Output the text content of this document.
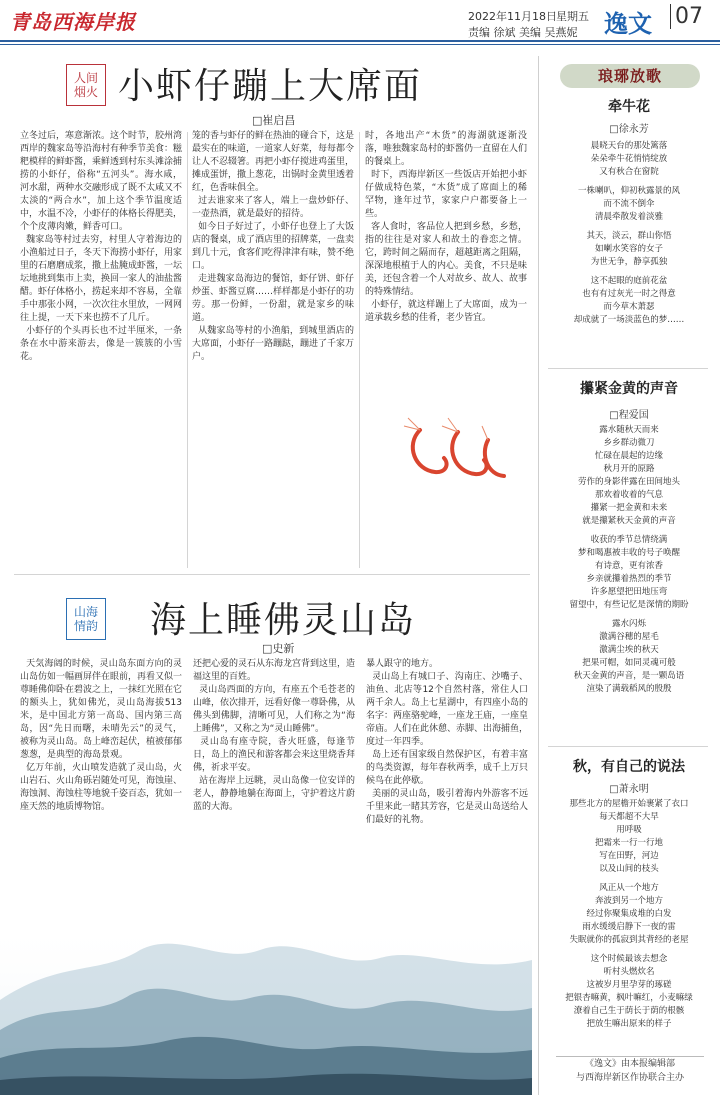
青岛西海岸报	2022年11月18日 星期五
责编 徐斌 美编 吴燕妮 逸文 07
人间
烟火 小虾仔蹦上大席面
□崔启昌
立冬过后，寒意渐浓。这个时节，胶州湾西岸的魏家岛等沿海村有种季节美食：糍粑模样的鲜虾酱，乘鲜透到村东头滩涂捕捞的小虾仔，俗称“五河头”。海水咸，河水甜，两种水交融形成了既不太咸又不太淡的“两合水”，加上这个季节温度适中，水温不冷，小虾仔的体格长得肥美，个个皮薄肉嫩，鲜香可口。
魏家岛等村过去穷，村里人守着海边的小渔船过日子，冬天下海捞小虾仔，用家里的石磨磨成浆，撒上盐腌成虾酱，一坛坛地挑到集市上卖，换回一家人的油盐酱醋。虾仔体格小，捞起来却不容易，全靠手中那张小网，一次次往水里放，一网网往上提，一天下来也捞不了几斤。
小虾仔的个头再长也不过半厘米，一条条在水中游来游去，像是一簇簇的小雪花。
笼的香与虾仔的鲜在热油的碰合下，这是最实在的味道，一道家人好菜，每每都令让人不忍辍箸。再把小虾仔搅进鸡蛋里，摊成蛋饼，撒上葱花，出锅时金黄里透着红，色香味俱全。
过去谁家来了客人，端上一盘炒虾仔、一壶热酒，就是最好的招待。
如今日子好过了，小虾仔也登上了大饭店的餐桌，成了酒店里的招牌菜，一盘卖到几十元，食客们吃得津津有味，赞不绝口。
走进魏家岛海边的餐馆，虾仔饼、虾仔炒蛋、虾酱豆腐……样样都是小虾仔的功劳。那一份鲜，一份甜，就是家乡的味道。
从魏家岛等村的小渔船，到城里酒店的大席面，小虾仔一路蹦跶，蹦进了千家万户。
时，各地出产“木货”的海湖就逐渐没落，唯独魏家岛村的虾酱仍一直留在人们的餐桌上。
时下，西海岸新区一些饭店开始把小虾仔做成特色菜，“木货”成了席面上的稀罕物，逢年过节，家家户户都要备上一些。
客人食时，客品位人把到乡愁，乡愁，指的往往是对家人和故土的眷恋之情。它，跨时间之隔而存，超越距离之阻隔，深深地根植于人的内心。美食，不只是味美，还包含着一个人对故乡、故人、故事的特殊情结。
小虾仔，就这样蹦上了大席面，成为一道承载乡愁的佳肴，老少皆宜。
山海
情韵 海上睡佛灵山岛
□史新
天気海阔的时候，灵山岛东面方向的灵山岛仿如一幅画屏伴在眼前，再看又似一尊睡佛仰卧在碧波之上，一抹红光照在它的额头上，犹如佛光，灵山岛海拔513米，是中国北方第一高岛、国内第三高岛，因“先日而曙，未晴先云”的灵气，被称为灵山岛。岛上峰峦起伏，植被郁郁葱葱，是典型的海岛景观。
亿万年前，火山喷发造就了灵山岛，火山岩石、火山角砾岩随处可见，海蚀崖、海蚀洞、海蚀柱等地貌千姿百态，犹如一座天然的地质博物馆。
还把心爱的灵石从东海龙宫背到这里，造福这里的百姓。
灵山岛西面的方向，有座五个毛苍老的山峰，依次排开，远看好像一尊卧佛，从佛头到佛脚，清晰可见，人们称之为“海上睡佛”，又称之为“灵山睡佛”。
灵山岛有座寺院，香火旺盛，每逢节日，岛上的渔民和游客都会来这里烧香拜佛，祈求平安。
站在海岸上远眺，灵山岛像一位安详的老人，静静地躺在海面上，守护着这片蔚蓝的大海。
暴人跟守的地方。
灵山岛上有城口子、沟南庄、沙嘴子、油鱼、北店等12个自然村落，常住人口两千余人。岛上七星湖中，有四座小岛的名字：两座骆驼峰，一座龙王庙，一座皇帝庙。人们在此休憩、赤脚、出海捕鱼，度过一年四季。
岛上还有国家级自然保护区，有着丰富的鸟类资源，每年春秋两季，成千上万只候鸟在此停歇。
美丽的灵山岛，吸引着海内外游客不远千里来此一睹其芳容，它是灵山岛送给人们最好的礼物。
琅琊放歌
牵牛花
□徐永芳
晨晓天台的那处篱落
朵朵牵牛花悄悄绽放
又有秋合在窗院

一株喇叭，仰初秋露景的风
而不流不倒伞
清晨牵散发着淡雅

其天，淡云，群山你悟
如喇水笑容的女子
为世无争，静享孤独

这不起眼的庭前花盆
也有有过灰光一时之得意
而今草木萧瑟
却成就了一场淡蓝色的梦……
攥紧金黄的声音
□程爱国
露水随秋天而来
乡乡群动微刀
忙碌在晨起的边缘
秋月开的原路
劳作的身影伴露在田间地头
那欢着收着的气息
攥紧一把金黄和未来
就是攥紧秋天金黄的声音

收获的季节总情绕满
梦和喝惠被丰收的号子唤醒
有诗意，更有浓香
乡亲就攥着热烈的季节
许多愿望把田地压弯
留望中，有些记忆是深情的期盼

露水闪烁
激满谷穗的屋毛
激满尘埃的秋天
把果可帽，如同灵魂可般
秋天金黄的声音，是一颗岛语
渲染了满载稻风的殷殷
秋，有自己的说法
□萧永明
那些北方的屋檐开始裹紧了衣口
每天都超不大早
用呼吸
把霜来一行一行地
写在田野，河边
以及山间的枝头

风正从一个地方
奔波到另一个地方
经过你聚集成堆的白发
雨水缓缓启静下一夜的雷
失眠就你的孤寂到其背经的老屋

这个时候最该去想念
听村头燃炊名
这被岁月里孕芽的琢磋
把银杏嘛黄，枫叶嘛红，小麦嘛绿
潦着自己生于荫长于荫的根骸
把放生嘛出原来的样子
《逸文》由本报编辑部
与西海岸新区作协联合主办
